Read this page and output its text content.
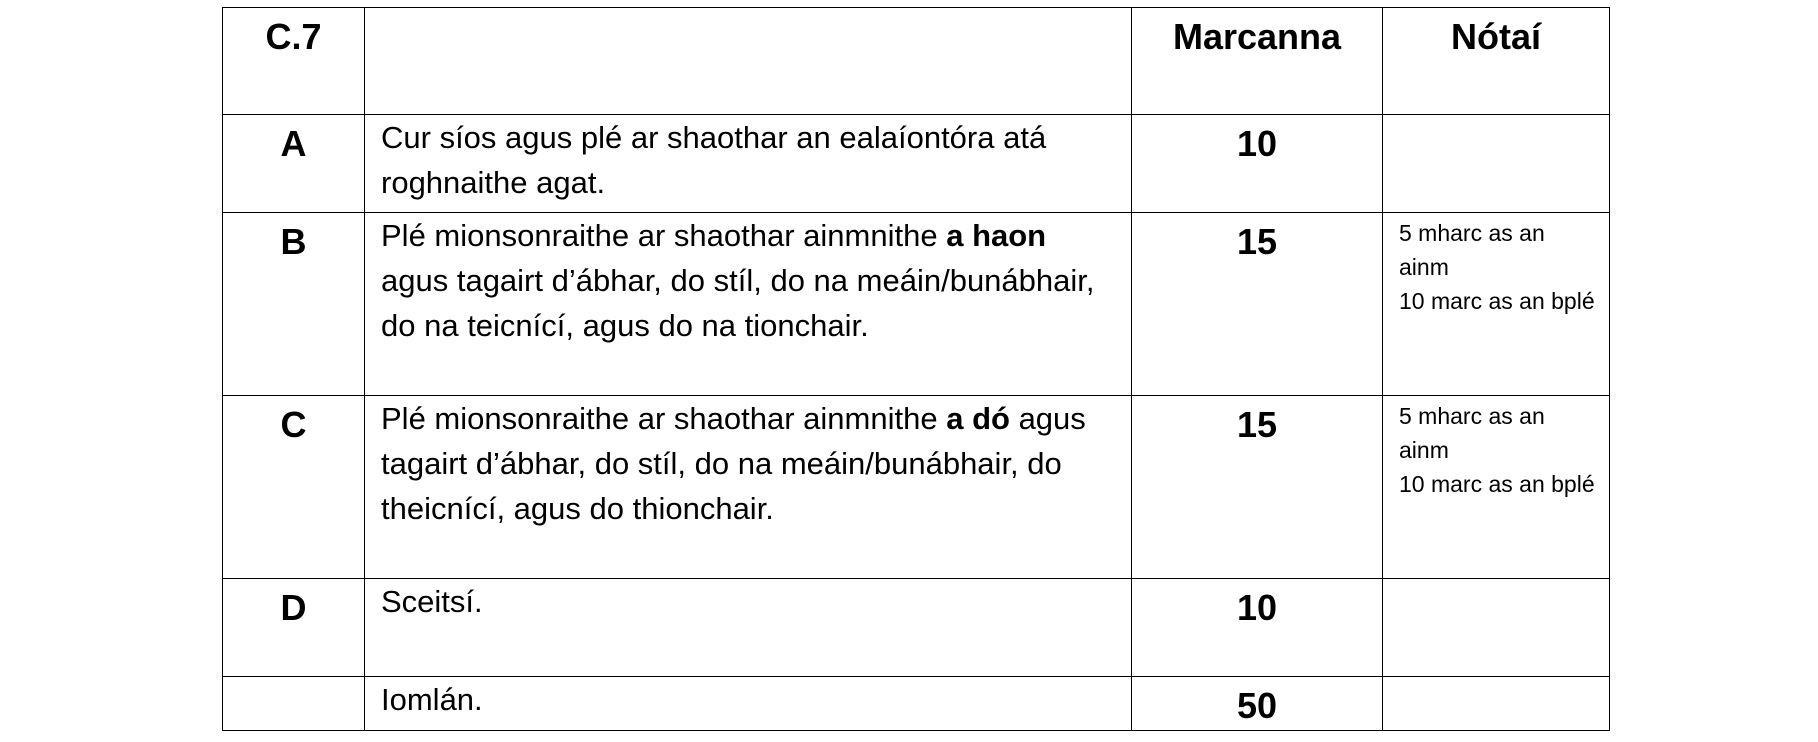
C.7		Marcanna	Nótaí
A	Cur síos agus plé ar shaothar an ealaíontóra atá roghnaithe agat.	10	

B	Plé mionsonraithe ar shaothar ainmnithe a haon agus tagairt d’ábhar, do stíl, do na meáin/bunábhair, do na teicnící, agus do na tionchair.	15	5 mharc as an ainm
10 marc as an bplé

C	Plé mionsonraithe ar shaothar ainmnithe a dó agus tagairt d’ábhar, do stíl, do na meáin/bunábhair, do theicnící, agus do thionchair.	15	5 mharc as an ainm
10 marc as an bplé

D	Sceitsí.	10	

	Iomlán.	50	
